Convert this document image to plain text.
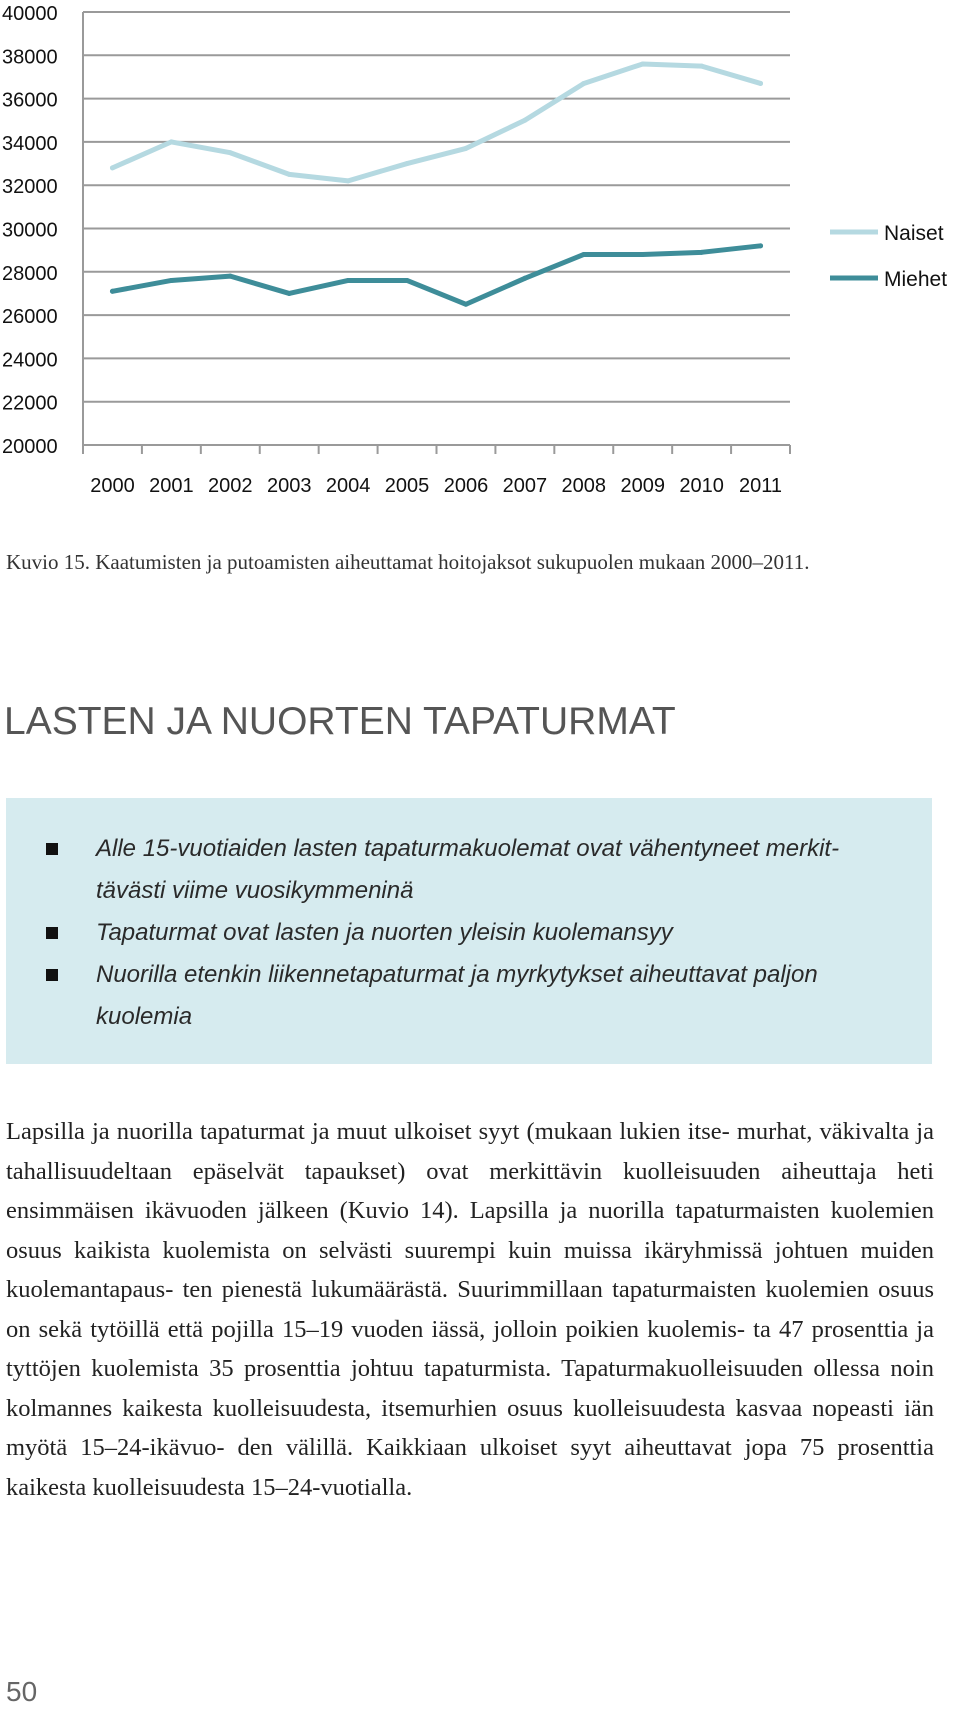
40000
38000
36000
34000
32000
30000
28000
26000
24000
22000
20000
2000 2001 2002 2003 2004 2005 2006 2007 2008 2009 2010 2011
Naiset
Miehet

Kuvio 15. Kaatumisten ja putoamisten aiheuttamat hoitojaksot sukupuolen mukaan 2000–2011.

LASTEN JA NUORTEN TAPATURMAT
Alle 15-vuotiaiden lasten tapaturmakuolemat ovat vähentyneet merkit- tävästi viime vuosikymmeninä
Tapaturmat ovat lasten ja nuorten yleisin kuolemansyy
Nuorilla etenkin liikennetapaturmat ja myrkytykset aiheuttavat paljon kuolemia

Lapsilla ja nuorilla tapaturmat ja muut ulkoiset syyt (mukaan lukien itse- murhat, väkivalta ja tahallisuudeltaan epäselvät tapaukset) ovat merkittävin kuolleisuuden aiheuttaja heti ensimmäisen ikävuoden jälkeen (Kuvio 14). Lapsilla ja nuorilla tapaturmaisten kuolemien osuus kaikista kuolemista on selvästi suurempi kuin muissa ikäryhmissä johtuen muiden kuolemantapaus- ten pienestä lukumäärästä. Suurimmillaan tapaturmaisten kuolemien osuus on sekä tytöillä että pojilla 15–19 vuoden iässä, jolloin poikien kuolemis- ta 47 prosenttia ja tyttöjen kuolemista 35 prosenttia johtuu tapaturmista. Tapaturmakuolleisuuden ollessa noin kolmannes kaikesta kuolleisuudesta, itsemurhien osuus kuolleisuudesta kasvaa nopeasti iän myötä 15–24-ikävuo- den välillä. Kaikkiaan ulkoiset syyt aiheuttavat jopa 75 prosenttia kaikesta kuolleisuudesta 15–24-vuotialla.

50
